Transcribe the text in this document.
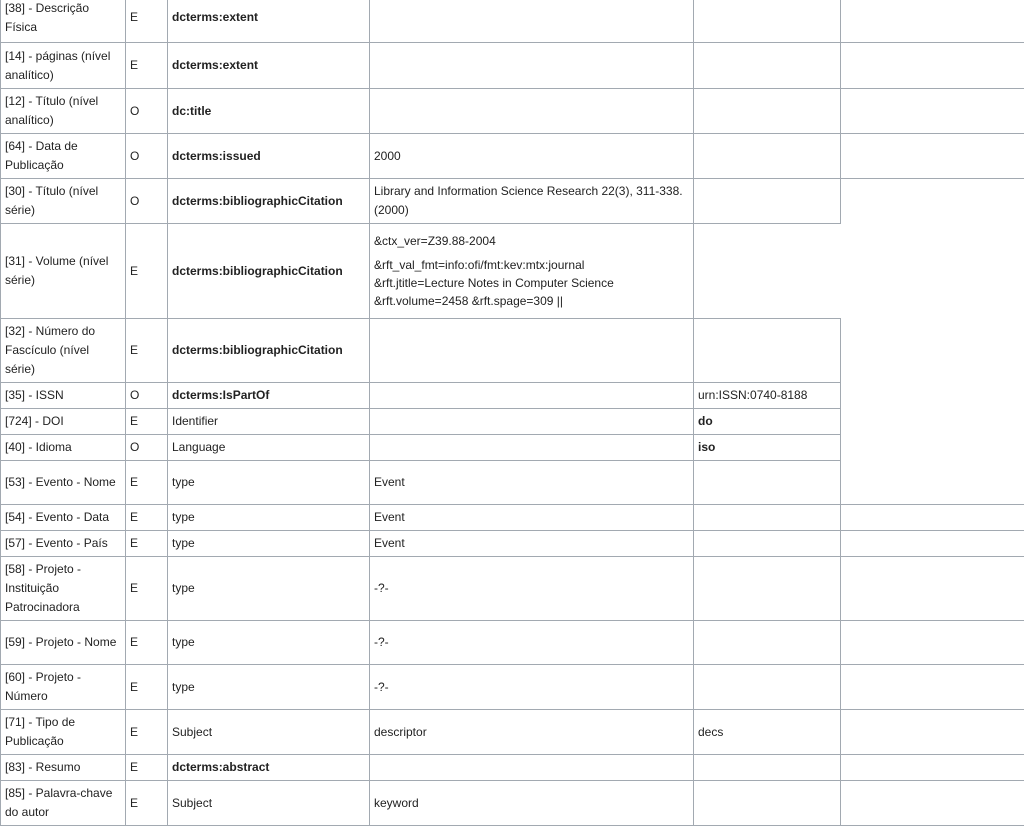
[38] - Descrição Física	E	dcterms:extent			
[14] - páginas (nível analítico)	E	dcterms:extent			
[12] - Título (nível analítico)	O	dc:title			
[64] - Data de Publicação	O	dcterms:issued	2000		
[30] - Título (nível série)	O	dcterms:bibliographicCitation	Library and Information Science Research 22(3), 311-338. (2000)		
[31] - Volume (nível série)	E	dcterms:bibliographicCitation	&ctx_ver=Z39.88-2004
&rft_val_fmt=info:ofi/fmt:kev:mtx:journal
&rft.jtitle=Lecture Notes in Computer Science
&rft.volume=2458 &rft.spage=309 ||		

[32] - Número do Fascículo (nível série)	E	dcterms:bibliographicCitation			
[35] - ISSN	O	dcterms:IsPartOf		urn:ISSN:0740-8188	
[724] - DOI	E	Identifier		do	
[40] - Idioma	O	Language		iso	
[53] - Evento - Nome	E	type	Event		
[54] - Evento - Data	E	type	Event		
[57] - Evento - País	E	type	Event		
[58] - Projeto - Instituição Patrocinadora	E	type	-?-		
[59] - Projeto - Nome	E	type	-?-		
[60] - Projeto - Número	E	type	-?-		
[71] - Tipo de Publicação	E	Subject	descriptor	decs	
[83] - Resumo	E	dcterms:abstract			
[85] - Palavra-chave do autor	E	Subject	keyword		
